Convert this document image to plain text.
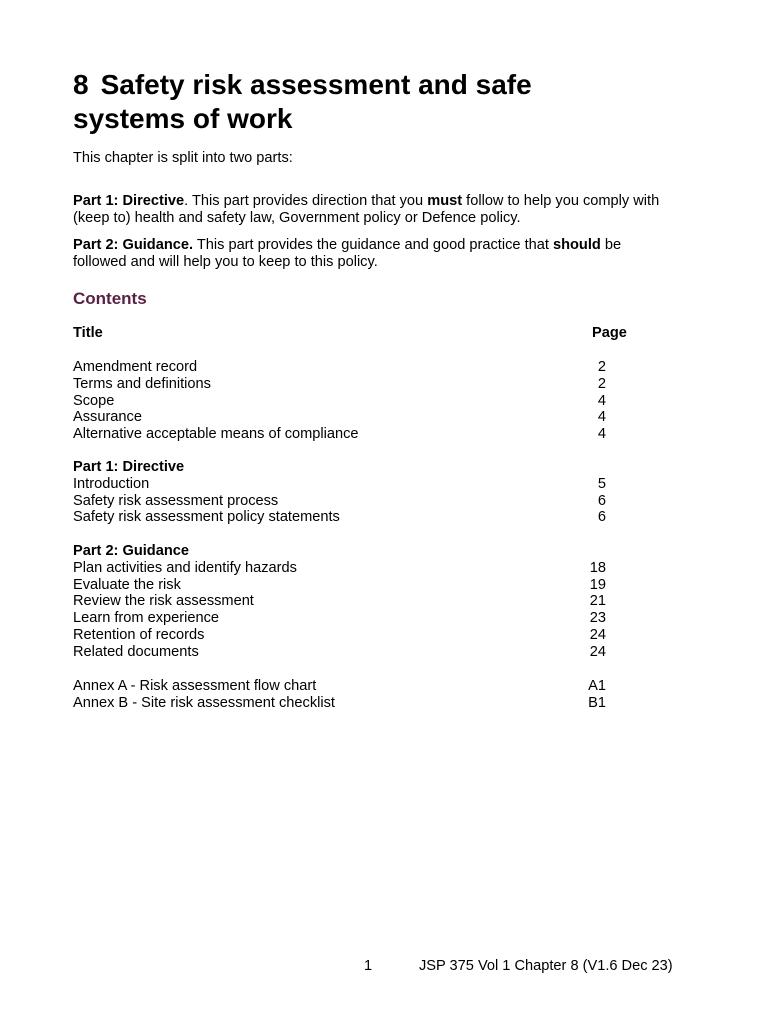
8 Safety risk assessment and safe systems of work

This chapter is split into two parts:

Part 1: Directive. This part provides direction that you must follow to help you comply with (keep to) health and safety law, Government policy or Defence policy.

Part 2: Guidance. This part provides the guidance and good practice that should be followed and will help you to keep to this policy.

Contents
Title	Page
Amendment record	2
Terms and definitions	2
Scope	4
Assurance	4
Alternative acceptable means of compliance	4
Part 1: Directive
Introduction	5
Safety risk assessment process	6
Safety risk assessment policy statements	6
Part 2: Guidance
Plan activities and identify hazards	18
Evaluate the risk	19
Review the risk assessment	21
Learn from experience	23
Retention of records	24
Related documents	24
Annex A - Risk assessment flow chart	A1
Annex B - Site risk assessment checklist	B1
1	JSP 375 Vol 1 Chapter 8 (V1.6 Dec 23)
